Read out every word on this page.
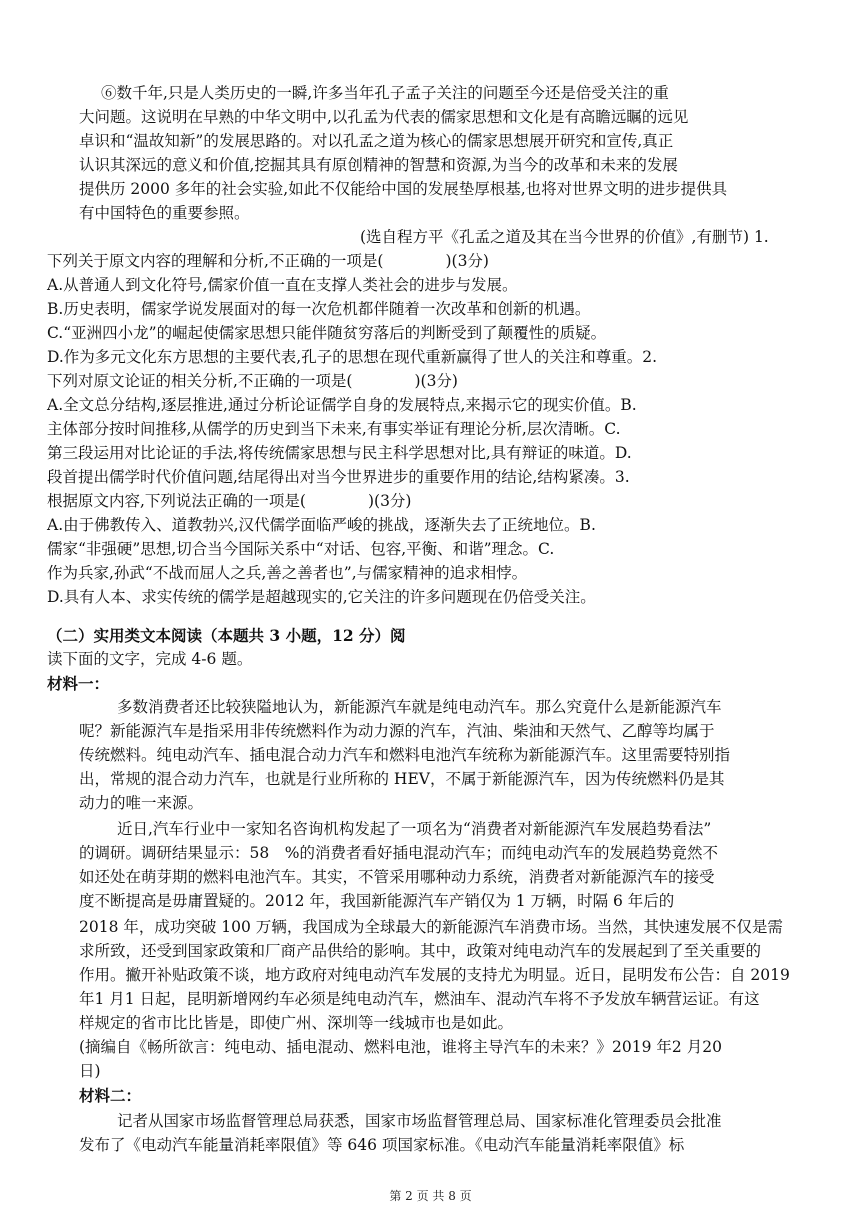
⑥数千年,只是人类历史的一瞬,许多当年孔子孟子关注的问题至今还是倍受关注的重
大问题。这说明在早熟的中华文明中,以孔孟为代表的儒家思想和文化是有高瞻远瞩的远见
卓识和“温故知新”的发展思路的。对以孔孟之道为核心的儒家思想展开研究和宣传,真正
认识其深远的意义和价值,挖掘其具有原创精神的智慧和资源,为当今的改革和未来的发展
提供历 2000 多年的社会实验,如此不仅能给中国的发展垫厚根基,也将对世界文明的进步提供具
有中国特色的重要参照。
(选自程方平《孔孟之道及其在当今世界的价值》,有删节) 1.
下列关于原文内容的理解和分析,不正确的一项是(　　　　)(3分)
A.从普通人到文化符号,儒家价值一直在支撑人类社会的进步与发展。
B.历史表明，儒家学说发展面对的每一次危机都伴随着一次改革和创新的机遇。
C.“亚洲四小龙”的崛起使儒家思想只能伴随贫穷落后的判断受到了颠覆性的质疑。
D.作为多元文化东方思想的主要代表,孔子的思想在现代重新赢得了世人的关注和尊重。2.
下列对原文论证的相关分析,不正确的一项是(　　　　)(3分)
A.全文总分结构,逐层推进,通过分析论证儒学自身的发展特点,来揭示它的现实价值。B.
主体部分按时间推移,从儒学的历史到当下未来,有事实举证有理论分析,层次清晰。C.
第三段运用对比论证的手法,将传统儒家思想与民主科学思想对比,具有辩证的味道。D.
段首提出儒学时代价值问题,结尾得出对当今世界进步的重要作用的结论,结构紧凑。3.
根据原文内容,下列说法正确的一项是(　　　　)(3分)
A.由于佛教传入、道教勃兴,汉代儒学面临严峻的挑战，逐渐失去了正统地位。B.
儒家“非强硬”思想,切合当今国际关系中“对话、包容,平衡、和谐”理念。C.
作为兵家,孙武“不战而屈人之兵,善之善者也”,与儒家精神的追求相悖。
D.具有人本、求实传统的儒学是超越现实的,它关注的许多问题现在仍倍受关注。
（二）实用类文本阅读（本题共 3 小题，12 分）阅
读下面的文字，完成 4-6 题。
材料一：
多数消费者还比较狭隘地认为，新能源汽车就是纯电动汽车。那么究竟什么是新能源汽车
呢？新能源汽车是指采用非传统燃料作为动力源的汽车，汽油、柴油和天然气、乙醇等均属于
传统燃料。纯电动汽车、插电混合动力汽车和燃料电池汽车统称为新能源汽车。这里需要特别指
出，常规的混合动力汽车，也就是行业所称的 HEV，不属于新能源汽车，因为传统燃料仍是其
动力的唯一来源。
近日,汽车行业中一家知名咨询机构发起了一项名为“消费者对新能源汽车发展趋势看法”
的调研。调研结果显示：58　%的消费者看好插电混动汽车；而纯电动汽车的发展趋势竟然不
如还处在萌芽期的燃料电池汽车。其实，不管采用哪种动力系统，消费者对新能源汽车的接受
度不断提高是毋庸置疑的。2012 年，我国新能源汽车产销仅为 1 万辆，时隔 6 年后的
2018 年，成功突破 100 万辆，我国成为全球最大的新能源汽车消费市场。当然，其快速发展不仅是需
求所致，还受到国家政策和厂商产品供给的影响。其中，政策对纯电动汽车的发展起到了至关重要的
作用。撇开补贴政策不谈，地方政府对纯电动汽车发展的支持尤为明显。近日，昆明发布公告：自 2019
年1 月1 日起，昆明新增网约车必须是纯电动汽车，燃油车、混动汽车将不予发放车辆营运证。有这
样规定的省市比比皆是，即使广州、深圳等一线城市也是如此。
(摘编自《畅所欲言：纯电动、插电混动、燃料电池，谁将主导汽车的未来？》2019 年2 月20
日)
材料二：
记者从国家市场监督管理总局获悉，国家市场监督管理总局、国家标准化管理委员会批准
发布了《电动汽车能量消耗率限值》等 646 项国家标准。《电动汽车能量消耗率限值》标
第 2 页 共 8 页
